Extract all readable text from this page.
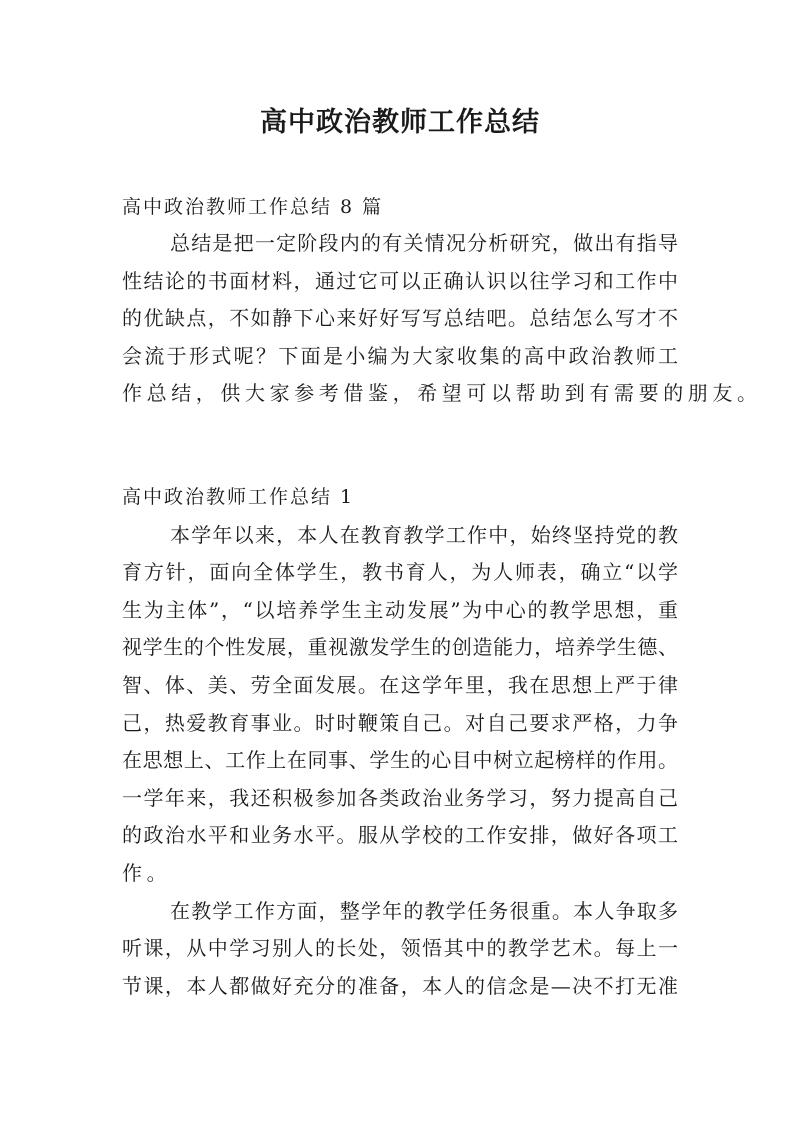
高中政治教师工作总结
高中政治教师工作总结 8 篇
总结是把一定阶段内的有关情况分析研究，做出有指导
性结论的书面材料，通过它可以正确认识以往学习和工作中
的优缺点，不如静下心来好好写写总结吧。总结怎么写才不
会流于形式呢？下面是小编为大家收集的高中政治教师工
作总结，供大家参考借鉴，希望可以帮助到有需要的朋友。
高中政治教师工作总结 1
本学年以来，本人在教育教学工作中，始终坚持党的教
育方针，面向全体学生，教书育人，为人师表，确立“以学
生为主体”，“以培养学生主动发展”为中心的教学思想，重
视学生的个性发展，重视激发学生的创造能力，培养学生德、
智、体、美、劳全面发展。在这学年里，我在思想上严于律
己，热爱教育事业。时时鞭策自己。对自己要求严格，力争
在思想上、工作上在同事、学生的心目中树立起榜样的作用。
一学年来，我还积极参加各类政治业务学习，努力提高自己
的政治水平和业务水平。服从学校的工作安排，做好各项工
作。
在教学工作方面，整学年的教学任务很重。本人争取多
听课，从中学习别人的长处，领悟其中的教学艺术。每上一
节课，本人都做好充分的准备，本人的信念是—决不打无准
